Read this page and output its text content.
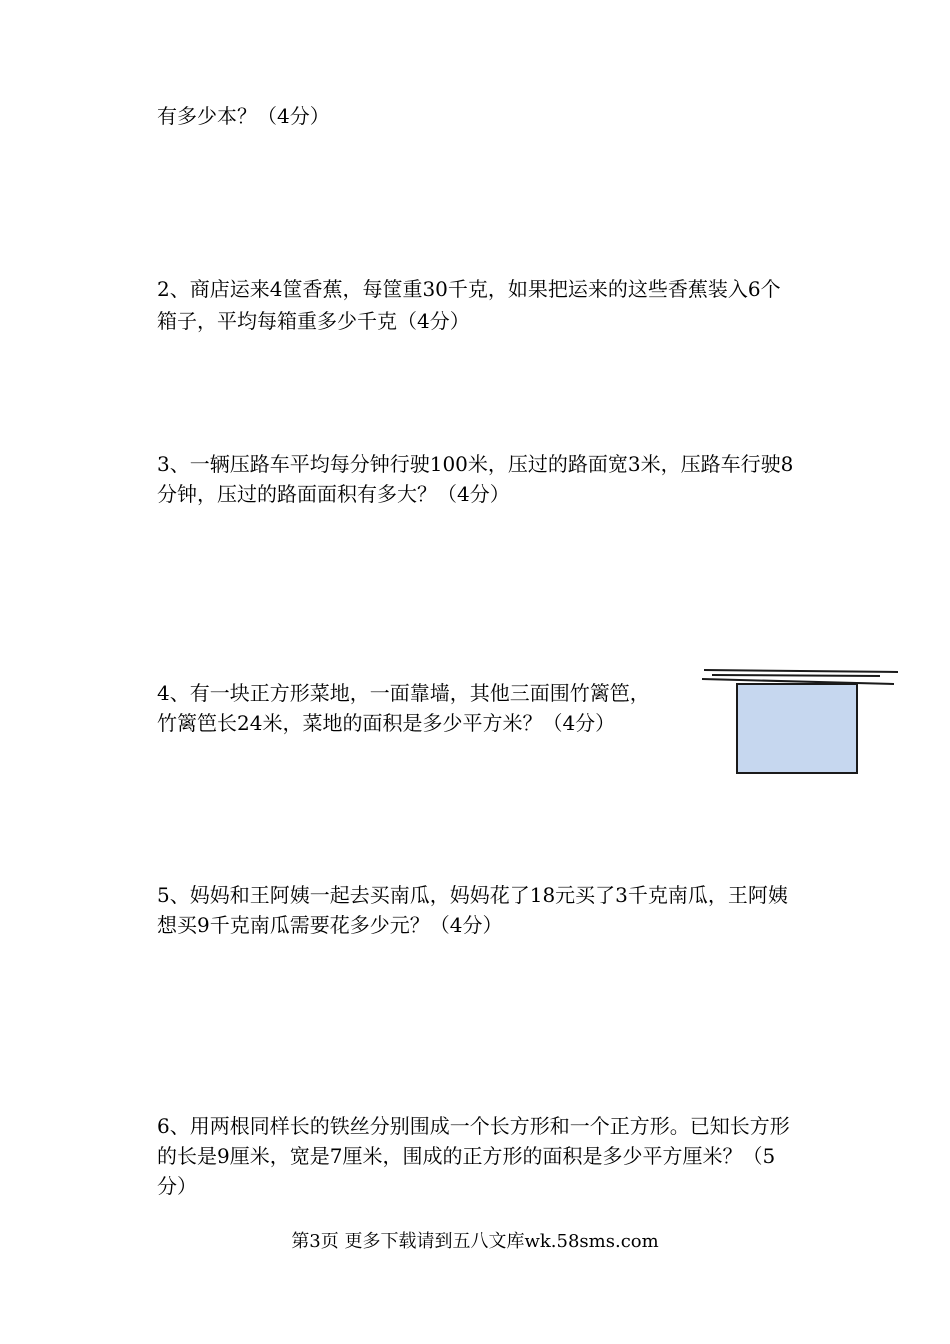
有多少本？（4分）
2、商店运来4筐香蕉，每筐重30千克，如果把运来的这些香蕉装入6个
箱子，平均每箱重多少千克（4分）
3、一辆压路车平均每分钟行驶100米，压过的路面宽3米，压路车行驶8
分钟，压过的路面面积有多大？（4分）
4、有一块正方形菜地，一面靠墙，其他三面围竹篱笆，
竹篱笆长24米，菜地的面积是多少平方米？（4分）
5、妈妈和王阿姨一起去买南瓜，妈妈花了18元买了3千克南瓜，王阿姨
想买9千克南瓜需要花多少元？（4分）
6、用两根同样长的铁丝分别围成一个长方形和一个正方形。已知长方形
的长是9厘米，宽是7厘米，围成的正方形的面积是多少平方厘米？（5
分）
第3页 更多下载请到五八文库wk.58sms.com
